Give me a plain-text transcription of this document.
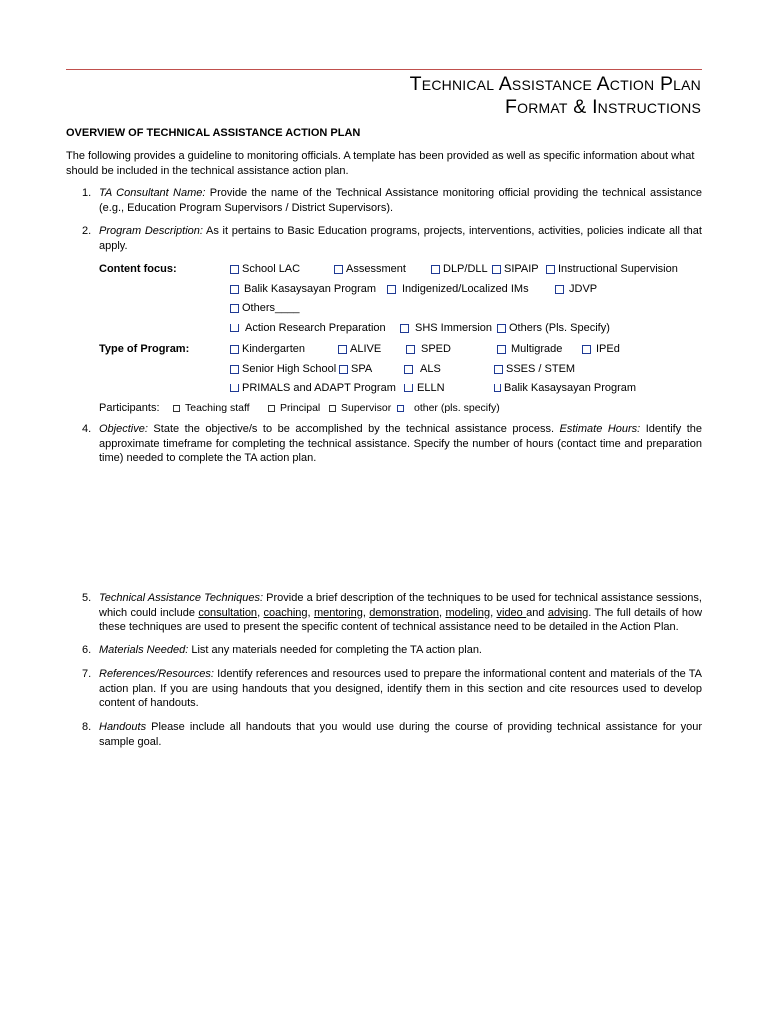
Technical Assistance Action Plan
Format & Instructions
OVERVIEW OF TECHNICAL ASSISTANCE ACTION PLAN
The following provides a guideline to monitoring officials. A template has been provided as well as specific information about what should be included in the technical assistance action plan.
1. TA Consultant Name: Provide the name of the Technical Assistance monitoring official providing the technical assistance (e.g., Education Program Supervisors / District Supervisors).
2. Program Description: As it pertains to Basic Education programs, projects, interventions, activities, policies indicate all that apply.
Content focus:	School LAC	Assessment	DLP/DLL SIPAIP Instructional Supervision
Balik Kasaysayan Program Indigenized/Localized IMs	JDVP
Others____
Action Research Preparation	SHS Immersion Others (Pls. Specify)
Type of Program:	Kindergarten	ALIVE	SPED	Multigrade	IPEd
Senior High School SPA	ALS	SSES / STEM
PRIMALS and ADAPT Program ELLN	Balik Kasaysayan Program
Participants: Teaching staff	Principal Supervisor other (pls. specify)
4. Objective: State the objective/s to be accomplished by the technical assistance process. Estimate Hours: Identify the approximate timeframe for completing the technical assistance. Specify the number of hours (contact time and preparation time) needed to complete the TA action plan.
5. Technical Assistance Techniques: Provide a brief description of the techniques to be used for technical assistance sessions, which could include consultation, coaching, mentoring, demonstration, modeling, video and advising. The full details of how these techniques are used to present the specific content of technical assistance need to be detailed in the Action Plan.
6. Materials Needed: List any materials needed for completing the TA action plan.
7. References/Resources: Identify references and resources used to prepare the informational content and materials of the TA action plan. If you are using handouts that you designed, identify them in this section and cite resources used to develop content of handouts.
8. Handouts Please include all handouts that you would use during the course of providing technical assistance for your sample goal.
